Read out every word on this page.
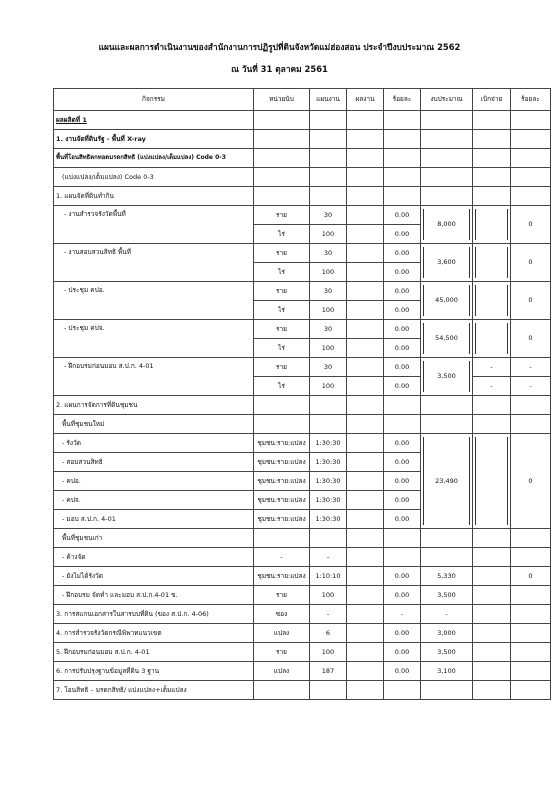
แผนและผลการดำเนินงานของสำนักงานการปฏิรูปที่ดินจังหวัดแม่ฮ่องสอน ประจำปีงบประมาณ 2562
ณ วันที่ 31 ตุลาคม 2561
กิจกรรม	หน่วยนับ	แผนงาน	ผลงาน	ร้อยละ	งบประมาณ	เบิกจ่าย	ร้อยละ
ผลผลิตที่ 1							
1. งานจัดที่ดินรัฐ - พื้นที่ X-ray							
พื้นที่โอนสิทธิตกทอดมรดกสิทธิ (แบ่งแปลง/เต็มแปลง) Code 0-3							
(แบ่งแปลง/เต็มแปลง) Code 0-3							
1. แผนจัดที่ดินทำกิน							
- งานสำรวจรังวัดพื้นที่	ราย	30		0.00	8,000		0
	ไร่	100		0.00			
- งานสอบสวนสิทธิ พื้นที่	ราย	30		0.00	3,600		0
	ไร่	100		0.00			
- ประชุม คปอ.	ราย	30		0.00	45,000		0
	ไร่	100		0.00			
- ประชุม คปจ.	ราย	30		0.00	54,500		0
	ไร่	100		0.00			
- ฝึกอบรมก่อนมอบ ส.ป.ก. 4-01	ราย	30		0.00	3,500	-	-
	ไร่	100		0.00		-	-
2. แผนการจัดการที่ดินชุมชน							
พื้นที่ชุมชนใหม่							
- รังวัด	ชุมชน:ราย:แปลง	1:30:30		0.00	23,490		0
- สอบสวนสิทธิ	ชุมชน:ราย:แปลง	1:30:30		0.00			
- คปอ.	ชุมชน:ราย:แปลง	1:30:30		0.00			
- คปจ.	ชุมชน:ราย:แปลง	1:30:30		0.00			
- มอบ ส.ป.ก. 4-01	ชุมชน:ราย:แปลง	1:30:30		0.00			
พื้นที่ชุมชนเก่า							
- ค้างจัด	-	-					
- ยังไม่ได้รังวัด	ชุมชน:ราย:แปลง	1:10:10		0.00	5,330		0
- ฝึกอบรม จัดทำ และมอบ ส.ป.ก.4-01 ข.	ราย	100		0.00	3,500		
3. การสแกนเอกสารในสารบบที่ดิน (ของ ส.ป.ก. 4-06)	ซอง	-		-	-		
4. การสำรวจรังวัดกรณีพิพาทแนวเขต	แปลง	6		0.00	3,000		
5. ฝึกอบรมก่อนมอบ ส.ป.ก. 4-01	ราย	100		0.00	3,500		
6. การปรับปรุงฐานข้อมูลที่ดิน 3 ฐาน	แปลง	187		0.00	3,100		
7. โอนสิทธิ – มรดกสิทธิ/ แบ่งแปลง+เต็มแปลง							
